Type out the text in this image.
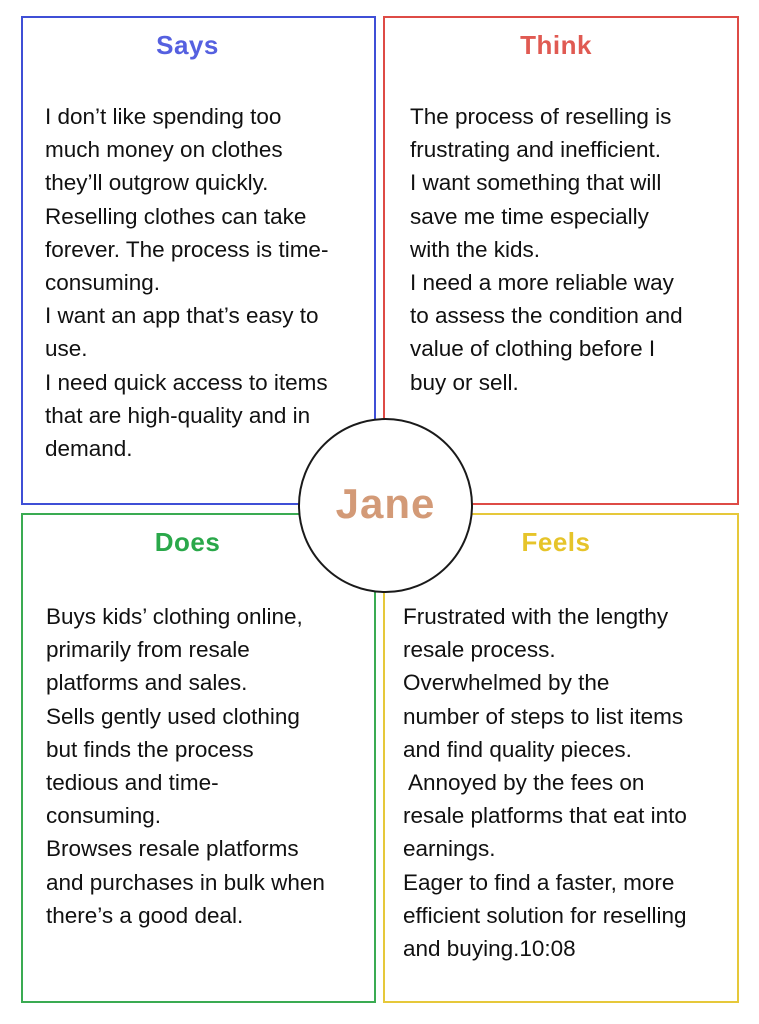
Says
I don’t like spending too
much money on clothes
they’ll outgrow quickly.
Reselling clothes can take
forever. The process is time-
consuming.
I want an app that’s easy to
use.
I need quick access to items
that are high-quality and in
demand.
Think
The process of reselling is
frustrating and inefficient.
I want something that will
save me time especially
with the kids.
I need a more reliable way
to assess the condition and
value of clothing before I
buy or sell.
Does
Buys kids’ clothing online,
primarily from resale
platforms and sales.
Sells gently used clothing
but finds the process
tedious and time-
consuming.
Browses resale platforms
and purchases in bulk when
there’s a good deal.
Feels
Frustrated with the lengthy
resale process.
Overwhelmed by the
number of steps to list items
and find quality pieces.
Annoyed by the fees on
resale platforms that eat into
earnings.
Eager to find a faster, more
efficient solution for reselling
and buying.10:08
Jane
